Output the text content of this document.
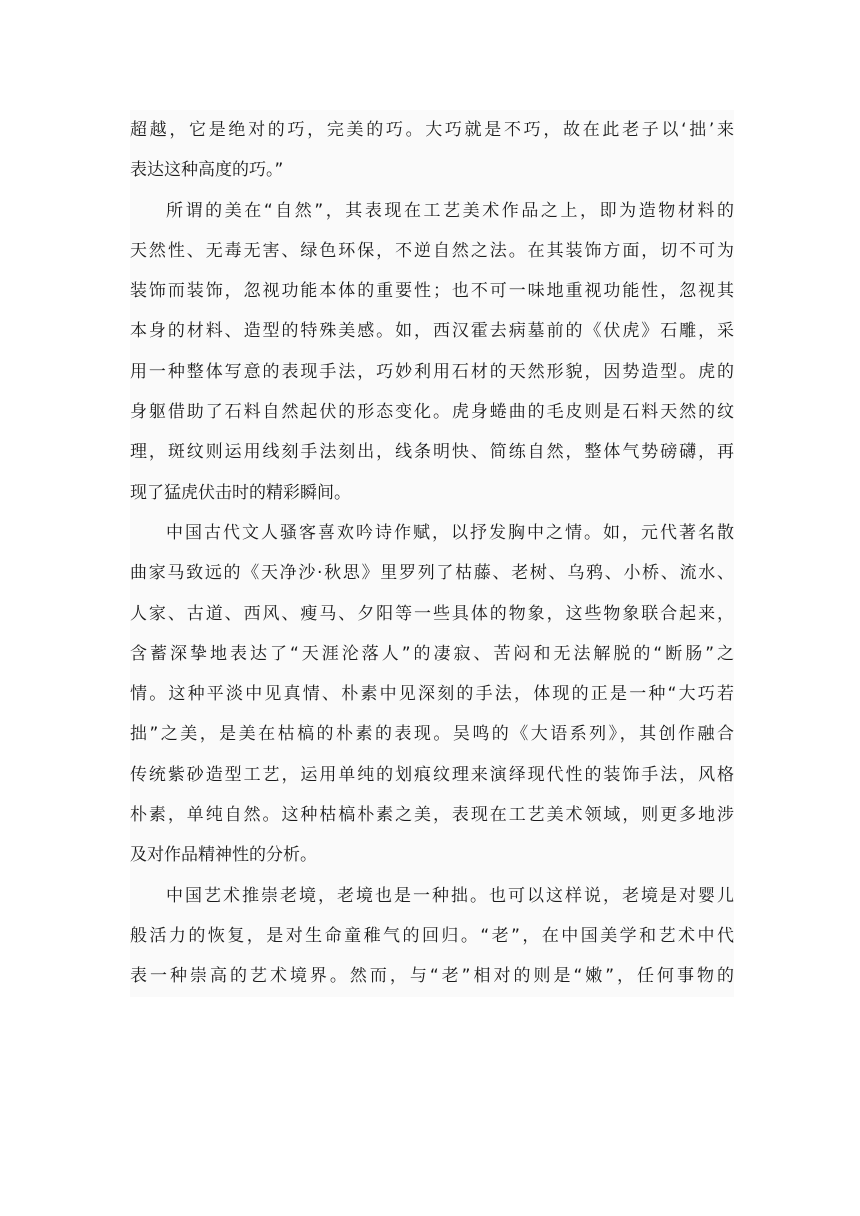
超越，它是绝对的巧，完美的巧。大巧就是不巧，故在此老子以‘拙’来
表达这种高度的巧。”
所谓的美在“自然”，其表现在工艺美术作品之上，即为造物材料的
天然性、无毒无害、绿色环保，不逆自然之法。在其装饰方面，切不可为
装饰而装饰，忽视功能本体的重要性；也不可一味地重视功能性，忽视其
本身的材料、造型的特殊美感。如，西汉霍去病墓前的《伏虎》石雕，采
用一种整体写意的表现手法，巧妙利用石材的天然形貌，因势造型。虎的
身躯借助了石料自然起伏的形态变化。虎身蜷曲的毛皮则是石料天然的纹
理，斑纹则运用线刻手法刻出，线条明快、简练自然，整体气势磅礴，再
现了猛虎伏击时的精彩瞬间。
中国古代文人骚客喜欢吟诗作赋，以抒发胸中之情。如，元代著名散
曲家马致远的《天净沙·秋思》里罗列了枯藤、老树、乌鸦、小桥、流水、
人家、古道、西风、瘦马、夕阳等一些具体的物象，这些物象联合起来，
含蓄深挚地表达了“天涯沦落人”的凄寂、苦闷和无法解脱的“断肠”之
情。这种平淡中见真情、朴素中见深刻的手法，体现的正是一种“大巧若
拙”之美，是美在枯槁的朴素的表现。吴鸣的《大语系列》，其创作融合
传统紫砂造型工艺，运用单纯的划痕纹理来演绎现代性的装饰手法，风格
朴素，单纯自然。这种枯槁朴素之美，表现在工艺美术领域，则更多地涉
及对作品精神性的分析。
中国艺术推崇老境，老境也是一种拙。也可以这样说，老境是对婴儿
般活力的恢复，是对生命童稚气的回归。“老”，在中国美学和艺术中代
表一种崇高的艺术境界。然而，与“老”相对的则是“嫩”，任何事物的
